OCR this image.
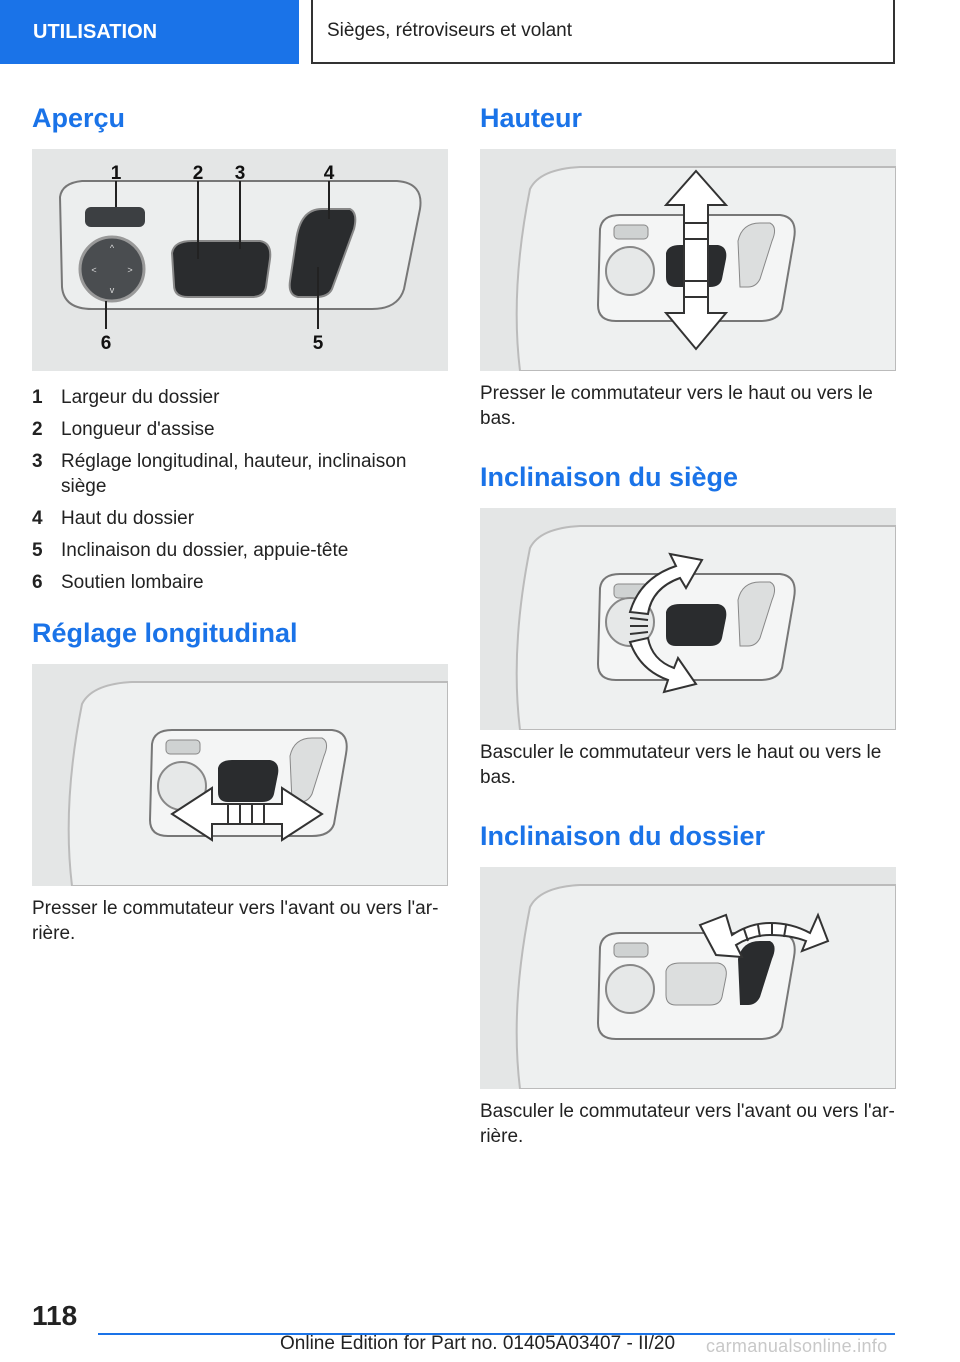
UTILISATION	Sièges, rétroviseurs et volant
Aperçu
^
v
<	>
1	2 3	4
5
6
1 Largeur du dossier
2 Longueur d'assise
3 Réglage longitudinal, hauteur, inclinaison siège
4 Haut du dossier
5 Inclinaison du dossier, appuie-tête
6 Soutien lombaire
Réglage longitudinal

Presser le commutateur vers l'avant ou vers l'arrière.

Hauteur

Presser le commutateur vers le haut ou vers le bas.

Inclinaison du siège

Basculer le commutateur vers le haut ou vers le bas.

Inclinaison du dossier

Basculer le commutateur vers l'avant ou vers l'arrière.

118
Online Edition for Part no. 01405A03407 - II/20 carmanualsonline.info
